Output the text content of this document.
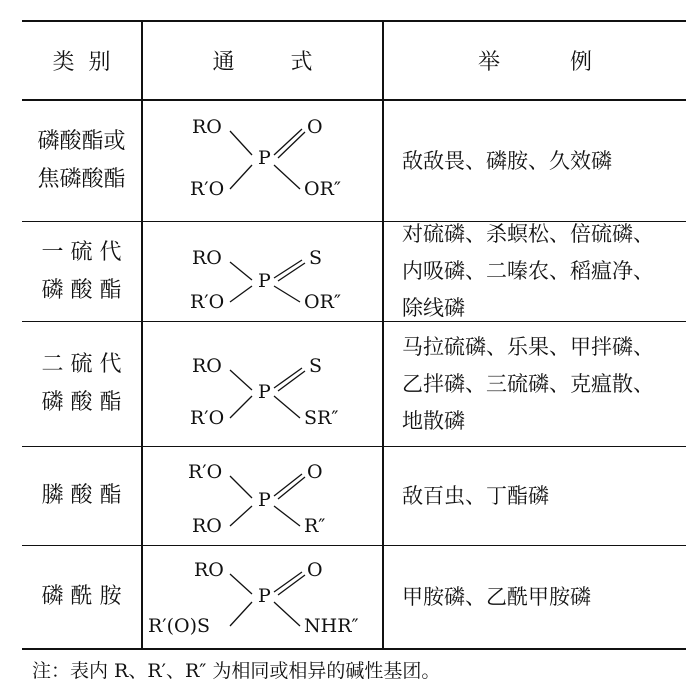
类  别	通        式	举          例
磷酸酯或
焦磷酸酯
RO
R′O
P
O
OR″
敌敌畏、磷胺、久效磷
一 硫 代
磷 酸 酯
RO
R′O
P
S
OR″
对硫磷、杀螟松、倍硫磷、
内吸磷、二嗪农、稻瘟净、
除线磷
二 硫 代
磷 酸 酯
RO
R′O
P
S
SR″
马拉硫磷、乐果、甲拌磷、
乙拌磷、三硫磷、克瘟散、
地散磷
膦 酸 酯
R′O
RO
P
O
R″
敌百虫、丁酯磷
磷 酰 胺
RO
R′(O)S
P
O
NHR″
甲胺磷、乙酰甲胺磷
注：表内 R、R′、R″ 为相同或相异的碱性基团。
